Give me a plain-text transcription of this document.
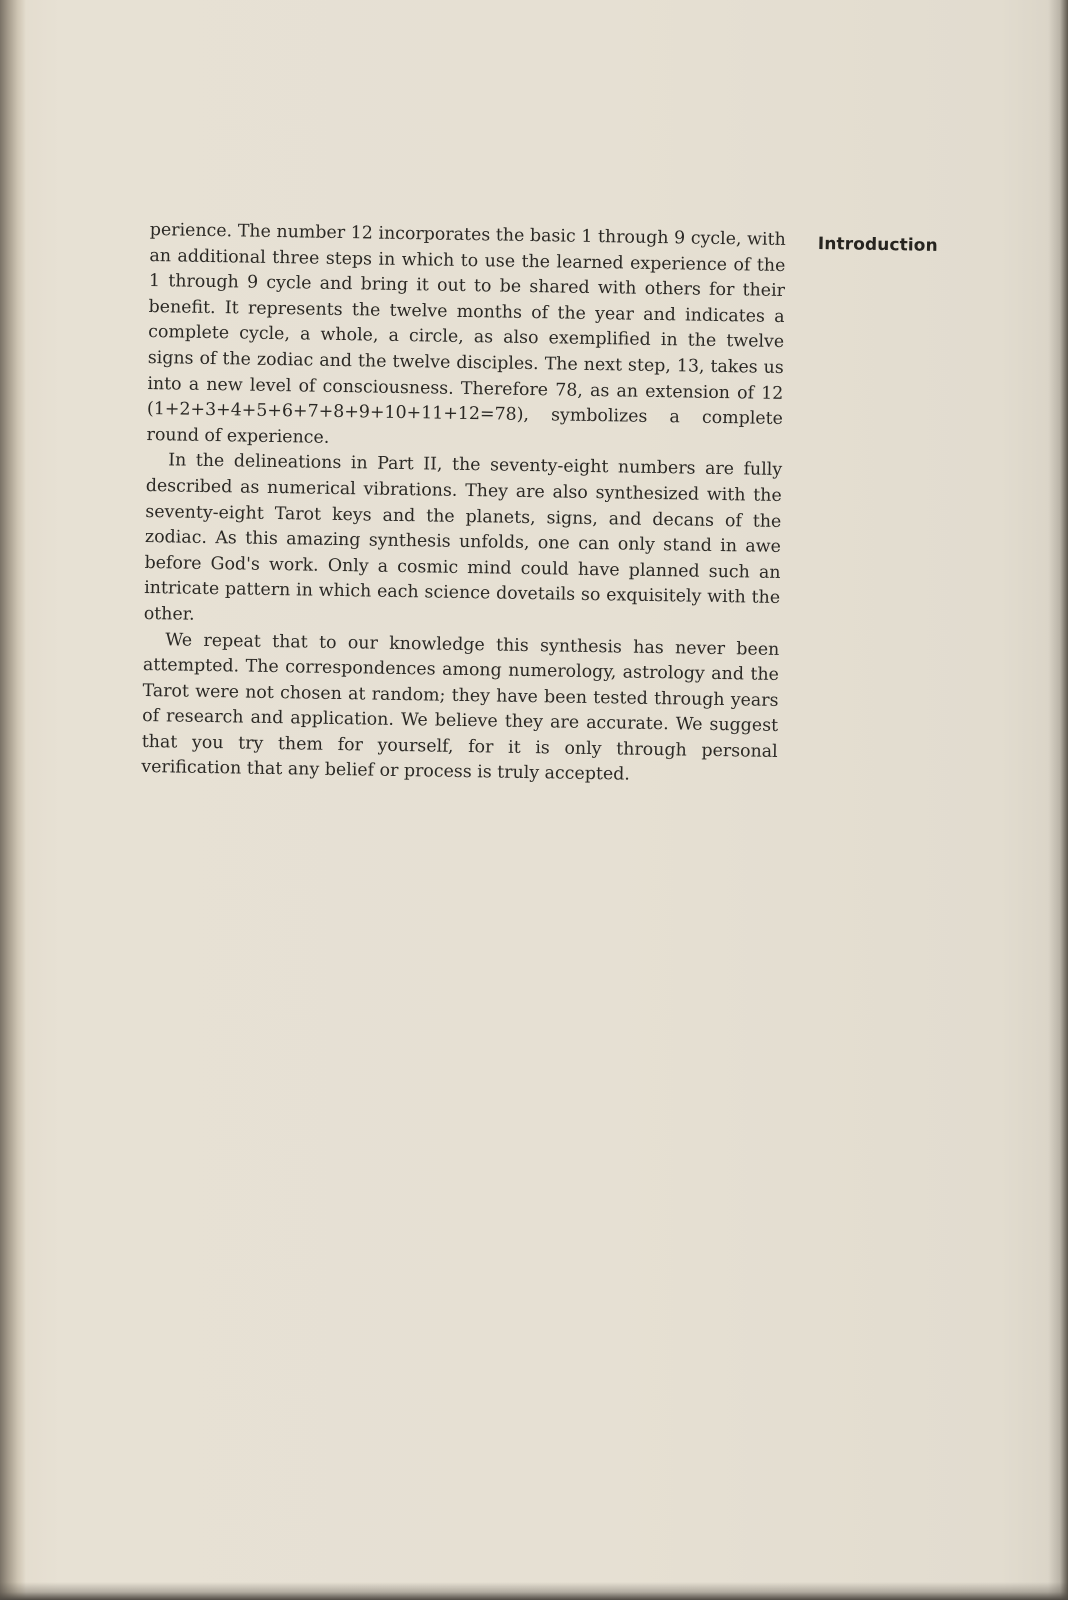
perience. The number 12 incorporates the basic 1 through 9 cycle, with an additional three steps in which to use the learned experience of the 1 through 9 cycle and bring it out to be shared with others for their benefit. It represents the twelve months of the year and indicates a complete cycle, a whole, a circle, as also exemplified in the twelve signs of the zodiac and the twelve disciples. The next step, 13, takes us into a new level of consciousness. Therefore 78, as an extension of 12 (1+2+3+4+5+6+7+8+9+10+11+12=78), symbolizes a complete round of experience.

In the delineations in Part II, the seventy-eight numbers are fully described as numerical vibrations. They are also synthesized with the seventy-eight Tarot keys and the planets, signs, and decans of the zodiac. As this amazing synthesis unfolds, one can only stand in awe before God's work. Only a cosmic mind could have planned such an intricate pattern in which each science dovetails so exquisitely with the other.

We repeat that to our knowledge this synthesis has never been attempted. The correspondences among numerology, astrology and the Tarot were not chosen at random; they have been tested through years of research and application. We believe they are accurate. We suggest that you try them for yourself, for it is only through personal verification that any belief or process is truly accepted.

Introduction
